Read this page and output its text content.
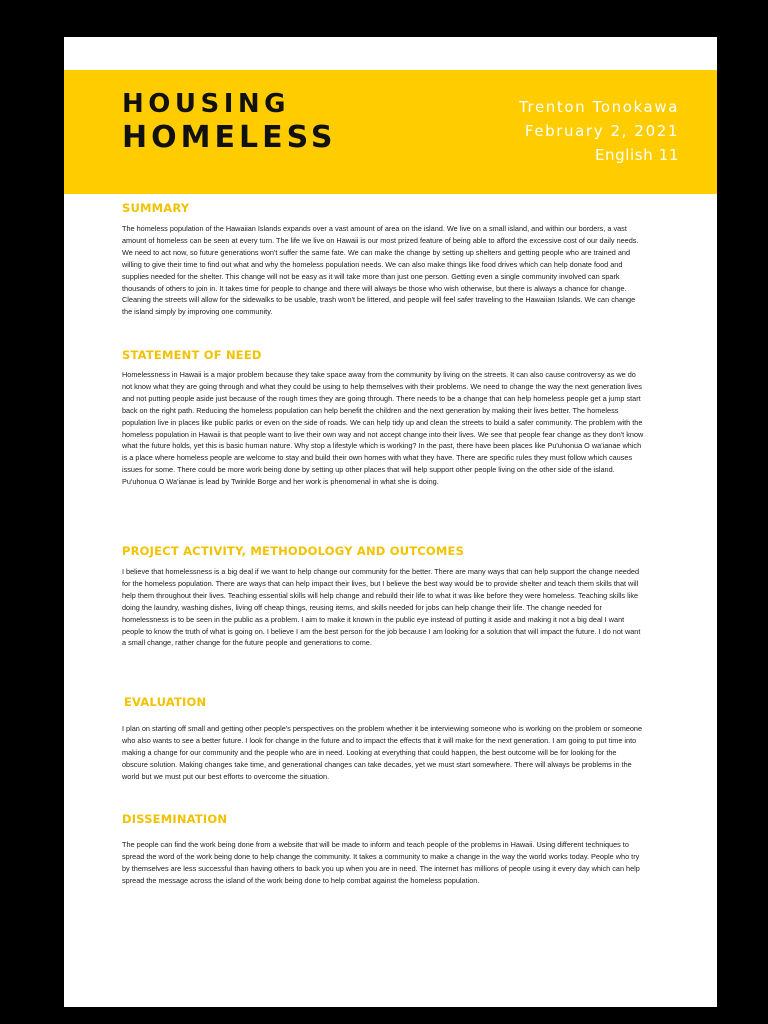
HOUSING
HOMELESS
Trenton Tonokawa
February 2, 2021
English 11
SUMMARY
The homeless population of the Hawaiian Islands expands over a vast amount of area on the island. We live on a small island, and within our borders, a vast amount of homeless can be seen at every turn. The life we live on Hawaii is our most prized feature of being able to afford the excessive cost of our daily needs. We need to act now, so future generations won't suffer the same fate. We can make the change by setting up shelters and getting people who are trained and willing to give their time to find out what and why the homeless population needs. We can also make things like food drives which can help donate food and supplies needed for the shelter. This change will not be easy as it will take more than just one person. Getting even a single community involved can spark thousands of others to join in. It takes time for people to change and there will always be those who wish otherwise, but there is always a chance for change. Cleaning the streets will allow for the sidewalks to be usable, trash won't be littered, and people will feel safer traveling to the Hawaiian Islands. We can change the island simply by improving one community.
STATEMENT OF NEED
Homelessness in Hawaii is a major problem because they take space away from the community by living on the streets. It can also cause controversy as we do not know what they are going through and what they could be using to help themselves with their problems. We need to change the way the next generation lives and not putting people aside just because of the rough times they are going through. There needs to be a change that can help homeless people get a jump start back on the right path. Reducing the homeless population can help benefit the children and the next generation by making their lives better. The homeless population live in places like public parks or even on the side of roads. We can help tidy up and clean the streets to build a safer community. The problem with the homeless population in Hawaii is that people want to live their own way and not accept change into their lives. We see that people fear change as they don't know what the future holds, yet this is basic human nature. Why stop a lifestyle which is working? In the past, there have been places like Pu'uhonua O wa'ianae which is a place where homeless people are welcome to stay and build their own homes with what they have. There are specific rules they must follow which causes issues for some. There could be more work being done by setting up other places that will help support other people living on the other side of the island. Pu'uhonua O Wa'ianae is lead by Twinkle Borge and her work is phenomenal in what she is doing.
PROJECT ACTIVITY, METHODOLOGY AND OUTCOMES
I believe that homelessness is a big deal if we want to help change our community for the better. There are many ways that can help support the change needed for the homeless population. There are ways that can help impact their lives, but I believe the best way would be to provide shelter and teach them skills that will help them throughout their lives. Teaching essential skills will help change and rebuild their life to what it was like before they were homeless. Teaching skills like doing the laundry, washing dishes, living off cheap things, reusing items, and skills needed for jobs can help change their life. The change needed for homelessness is to be seen in the public as a problem. I aim to make it known in the public eye instead of putting it aside and making it not a big deal I want people to know the truth of what is going on. I believe I am the best person for the job because I am looking for a solution that will impact the future. I do not want a small change, rather change for the future people and generations to come.
EVALUATION
I plan on starting off small and getting other people's perspectives on the problem whether it be interviewing someone who is working on the problem or someone who also wants to see a better future. I look for change in the future and to impact the effects that it will make for the next generation. I am going to put time into making a change for our community and the people who are in need. Looking at everything that could happen, the best outcome will be for looking for the obscure solution. Making changes take time, and generational changes can take decades, yet we must start somewhere. There will always be problems in the world but we must put our best efforts to overcome the situation.
DISSEMINATION
The people can find the work being done from a website that will be made to inform and teach people of the problems in Hawaii. Using different techniques to spread the word of the work being done to help change the community. It takes a community to make a change in the way the world works today. People who try by themselves are less successful than having others to back you up when you are in need. The internet has millions of people using it every day which can help spread the message across the island of the work being done to help combat against the homeless population.
